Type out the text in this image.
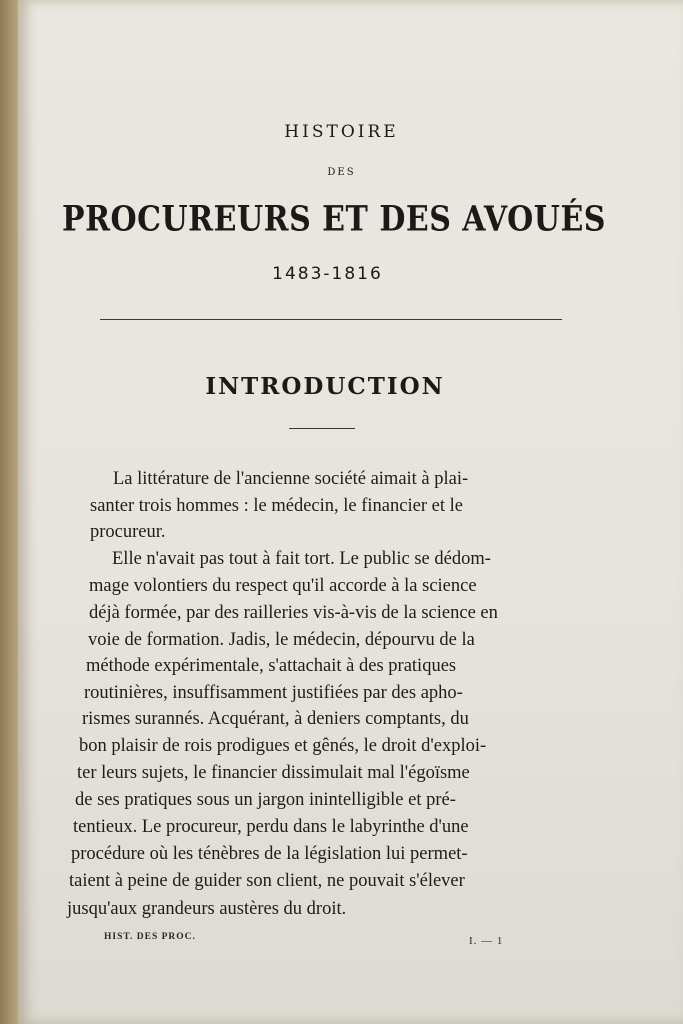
HISTOIRE
DES
PROCUREURS ET DES AVOUÉS
1483-1816
INTRODUCTION

La littérature de l'ancienne société aimait à plai-

santer trois hommes : le médecin, le financier et le

procureur.

Elle n'avait pas tout à fait tort. Le public se dédom-

mage volontiers du respect qu'il accorde à la science

déjà formée, par des railleries vis-à-vis de la science en

voie de formation. Jadis, le médecin, dépourvu de la

méthode expérimentale, s'attachait à des pratiques

routinières, insuffisamment justifiées par des apho-

rismes surannés. Acquérant, à deniers comptants, du

bon plaisir de rois prodigues et gênés, le droit d'exploi-

ter leurs sujets, le financier dissimulait mal l'égoïsme

de ses pratiques sous un jargon inintelligible et pré-

tentieux. Le procureur, perdu dans le labyrinthe d'une

procédure où les ténèbres de la législation lui permet-

taient à peine de guider son client, ne pouvait s'élever

jusqu'aux grandeurs austères du droit.

HIST. DES PROC.	I. — 1
